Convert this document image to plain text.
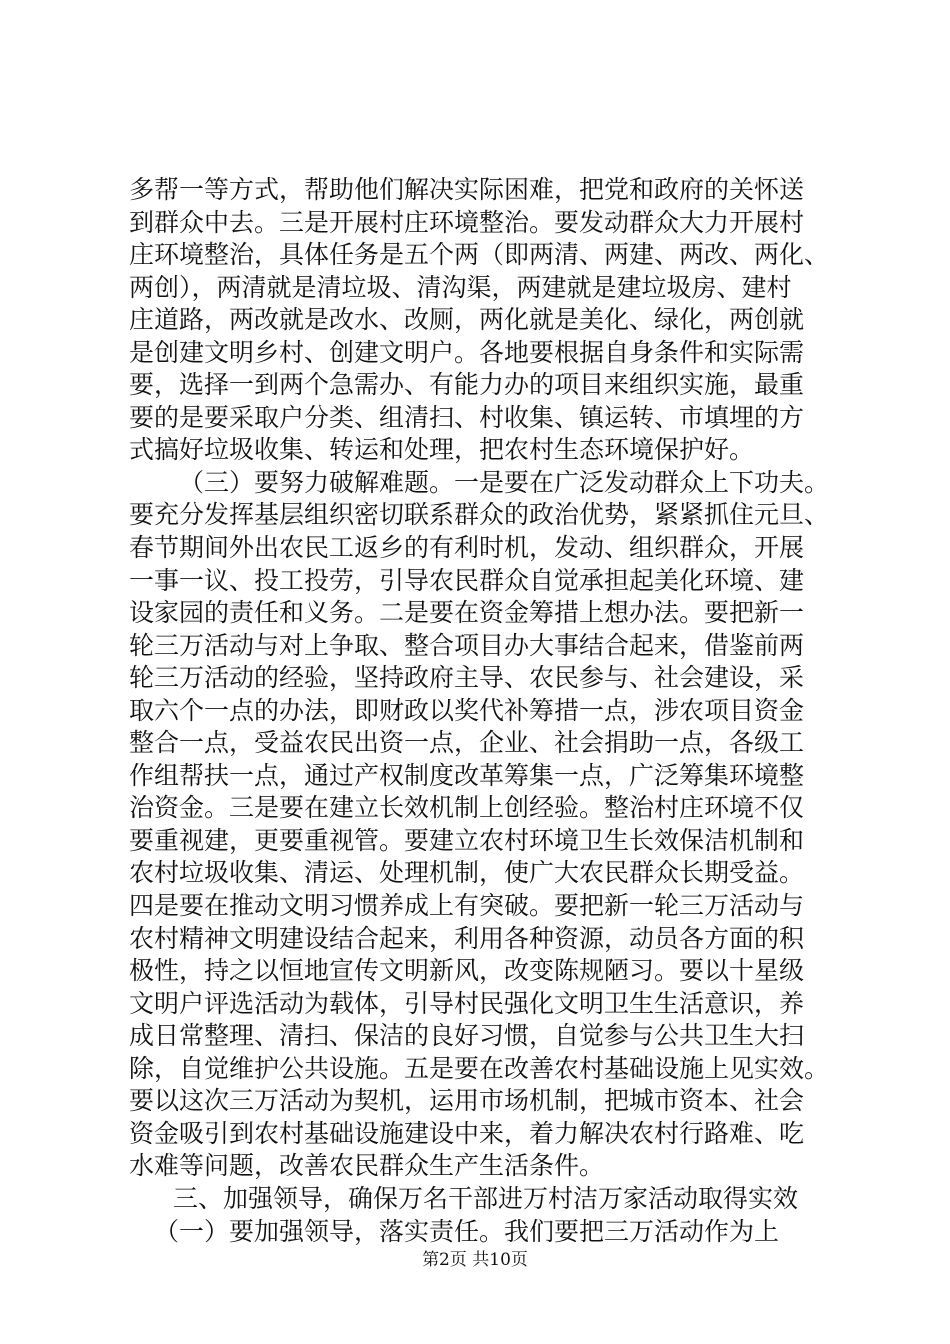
多帮一等方式，帮助他们解决实际困难，把党和政府的关怀送
到群众中去。三是开展村庄环境整治。要发动群众大力开展村
庄环境整治，具体任务是五个两（即两清、两建、两改、两化、
两创），两清就是清垃圾、清沟渠，两建就是建垃圾房、建村
庄道路，两改就是改水、改厕，两化就是美化、绿化，两创就
是创建文明乡村、创建文明户。各地要根据自身条件和实际需
要，选择一到两个急需办、有能力办的项目来组织实施，最重
要的是要采取户分类、组清扫、村收集、镇运转、市填埋的方
式搞好垃圾收集、转运和处理，把农村生态环境保护好。
（三）要努力破解难题。一是要在广泛发动群众上下功夫。
要充分发挥基层组织密切联系群众的政治优势，紧紧抓住元旦、
春节期间外出农民工返乡的有利时机，发动、组织群众，开展
一事一议、投工投劳，引导农民群众自觉承担起美化环境、建
设家园的责任和义务。二是要在资金筹措上想办法。要把新一
轮三万活动与对上争取、整合项目办大事结合起来，借鉴前两
轮三万活动的经验，坚持政府主导、农民参与、社会建设，采
取六个一点的办法，即财政以奖代补筹措一点，涉农项目资金
整合一点，受益农民出资一点，企业、社会捐助一点，各级工
作组帮扶一点，通过产权制度改革筹集一点，广泛筹集环境整
治资金。三是要在建立长效机制上创经验。整治村庄环境不仅
要重视建，更要重视管。要建立农村环境卫生长效保洁机制和
农村垃圾收集、清运、处理机制，使广大农民群众长期受益。
四是要在推动文明习惯养成上有突破。要把新一轮三万活动与
农村精神文明建设结合起来，利用各种资源，动员各方面的积
极性，持之以恒地宣传文明新风，改变陈规陋习。要以十星级
文明户评选活动为载体，引导村民强化文明卫生生活意识，养
成日常整理、清扫、保洁的良好习惯，自觉参与公共卫生大扫
除，自觉维护公共设施。五是要在改善农村基础设施上见实效。
要以这次三万活动为契机，运用市场机制，把城市资本、社会
资金吸引到农村基础设施建设中来，着力解决农村行路难、吃
水难等问题，改善农民群众生产生活条件。
三、加强领导，确保万名干部进万村洁万家活动取得实效
（一）要加强领导，落实责任。我们要把三万活动作为上
第2页 共10页
